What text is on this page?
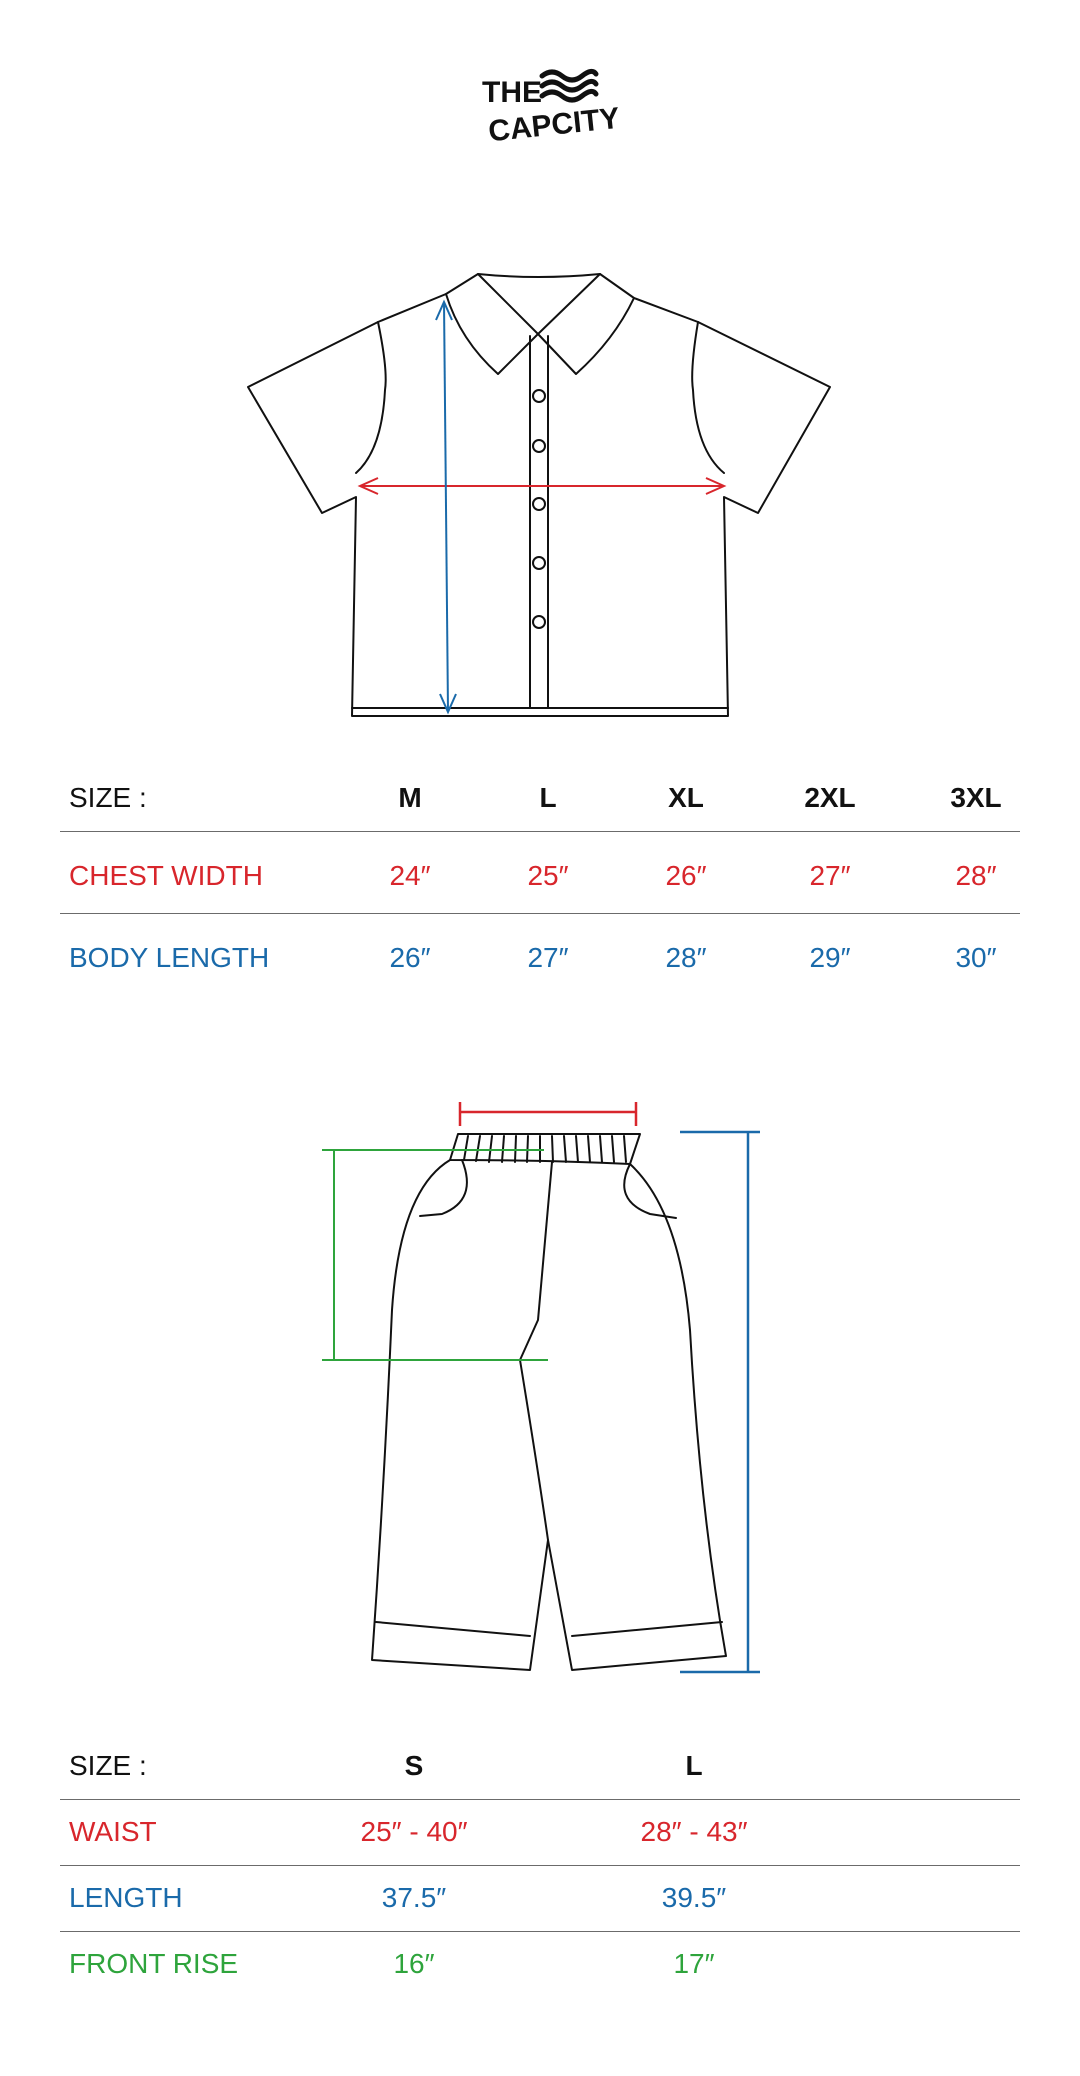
THE
CAPCITY
SIZE :	M	L	XL	2XL	3XL
CHEST WIDTH	24″	25″	26″	27″	28″
BODY LENGTH	26″	27″	28″	29″	30″
SIZE :	S	L
WAIST	25″ - 40″	28″ - 43″
LENGTH	37.5″	39.5″
FRONT RISE	16″	17″
